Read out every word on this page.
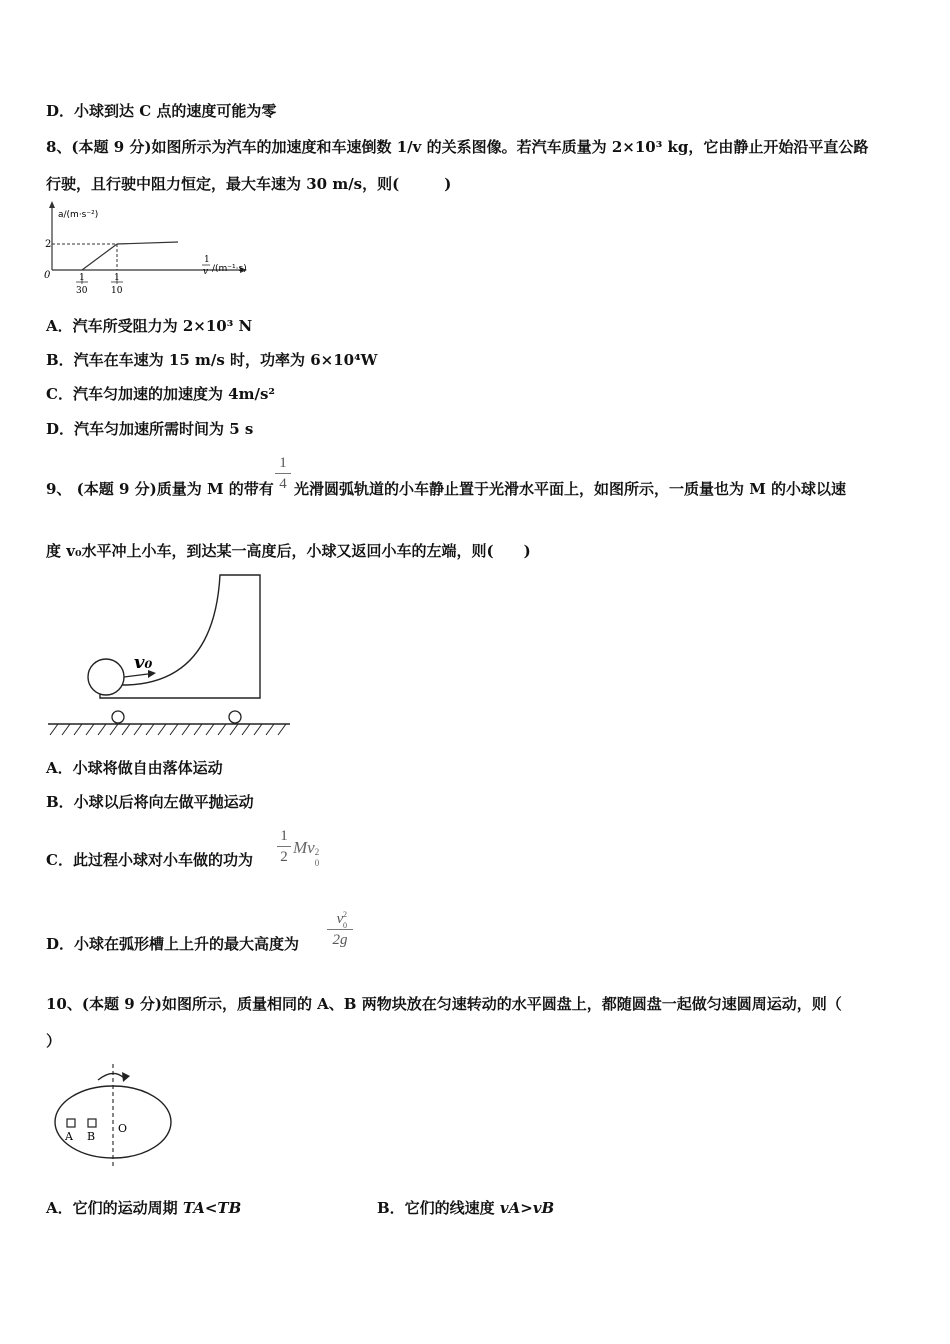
D．小球到达 C 点的速度可能为零
8、(本题 9 分)如图所示为汽车的加速度和车速倒数 1/v 的关系图像。若汽车质量为 2×10³ kg，它由静止开始沿平直公路
行驶，且行驶中阻力恒定，最大车速为 30 m/s，则(　　　)
a/(m·s⁻²)
2
0	1
30
1
10
1
v /(m⁻¹·s)
A．汽车所受阻力为 2×10³ N
B．汽车在车速为 15 m/s 时，功率为 6×10⁴W
C．汽车匀加速的加速度为 4m/s²
D．汽车匀加速所需时间为 5 s
9、 (本题 9 分)质量为 M 的带有
1
4 光滑圆弧轨道的小车静止置于光滑水平面上，如图所示，一质量也为 M 的小球以速
度 v₀水平冲上小车，到达某一高度后，小球又返回小车的左端，则(　　)
v₀
A．小球将做自由落体运动
B．小球以后将向左做平抛运动
C．此过程小球对小车做的功为
1
2 Mv 2
0
D．小球在弧形槽上上升的最大高度为
v 2
0
2g
10、(本题 9 分)如图所示，质量相同的 A、B 两物块放在匀速转动的水平圆盘上，都随圆盘一起做匀速圆周运动，则（
）
A B
O
A．它们的运动周期 TA<TB	B．它们的线速度 vA>vB
